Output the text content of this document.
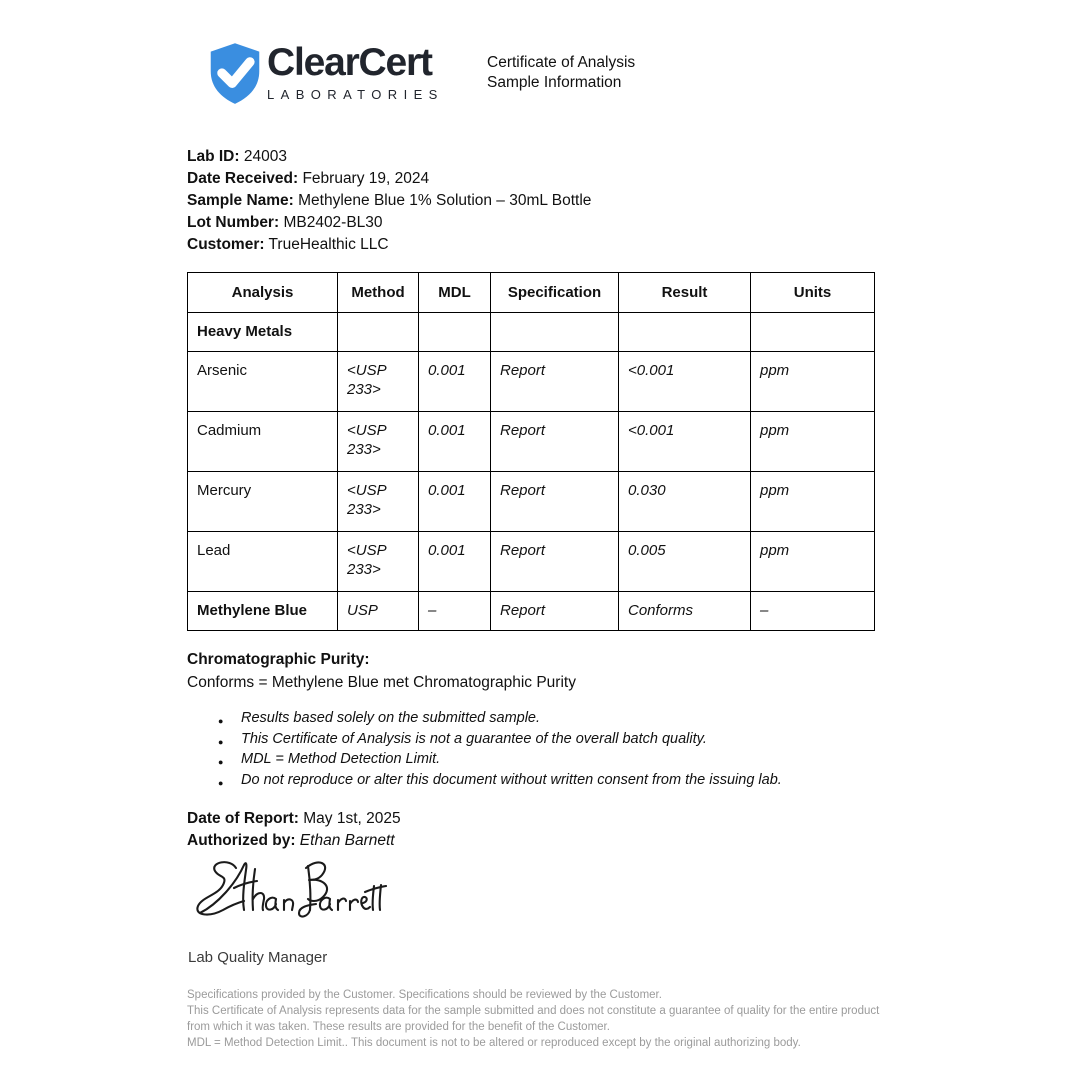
ClearCert
LABORATORIES
Certificate of Analysis
Sample Information
Lab ID: 24003
Date Received: February 19, 2024
Sample Name: Methylene Blue 1% Solution – 30mL Bottle
Lot Number: MB2402-BL30
Customer: TrueHealthic LLC
Analysis	Method	MDL	Specification	Result	Units
Heavy Metals					
Arsenic	<USP 233>	0.001	Report	<0.001	ppm
Cadmium	<USP 233>	0.001	Report	<0.001	ppm
Mercury	<USP 233>	0.001	Report	0.030	ppm
Lead	<USP 233>	0.001	Report	0.005	ppm
Methylene Blue	USP	–	Report	Conforms	–
Chromatographic Purity:
Conforms = Methylene Blue met Chromatographic Purity
● Results based solely on the submitted sample.
● This Certificate of Analysis is not a guarantee of the overall batch quality.
● MDL = Method Detection Limit.
● Do not reproduce or alter this document without written consent from the issuing lab.
Date of Report: May 1st, 2025
Authorized by: Ethan Barnett
Lab Quality Manager

Specifications provided by the Customer. Specifications should be reviewed by the Customer.

This Certificate of Analysis represents data for the sample submitted and does not constitute a guarantee of quality for the entire product from which it was taken. These results are provided for the benefit of the Customer.

MDL = Method Detection Limit.. This document is not to be altered or reproduced except by the original authorizing body.
